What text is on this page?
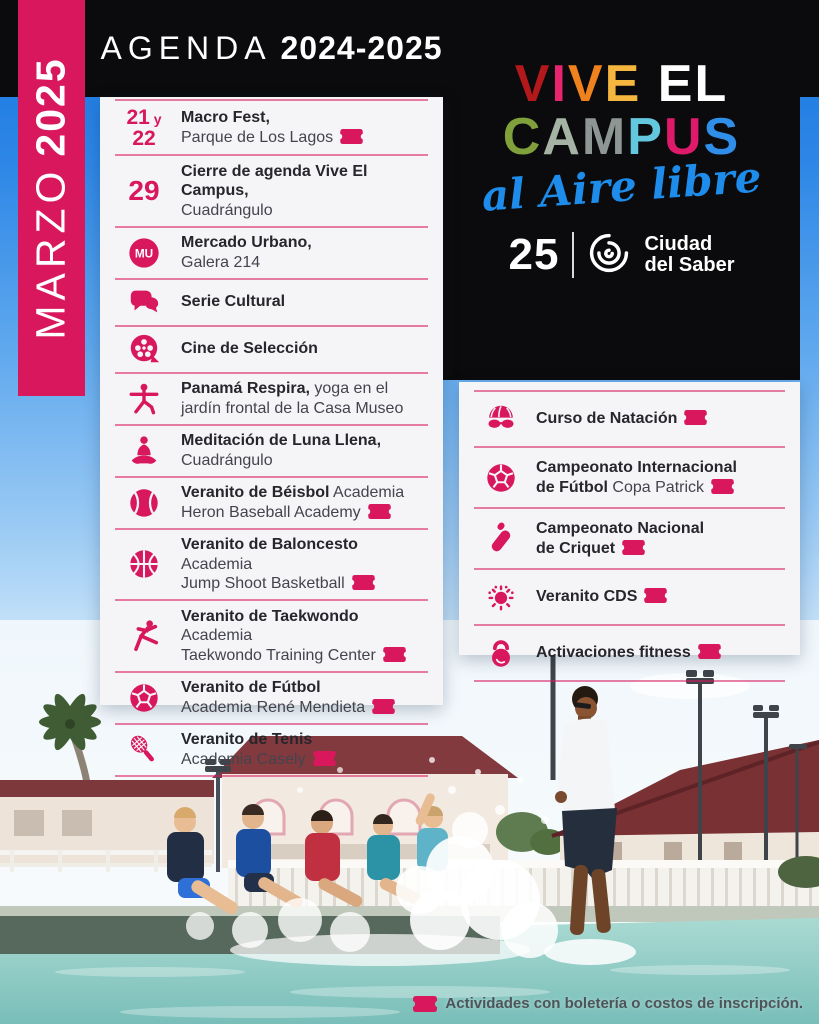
MARZO2025
AGENDA 2024-2025
VIVE EL
CAMPUS
al Aire libre
25	Ciudad
del Saber
21 y
22
Macro Fest,
Parque de Los Lagos
29
Cierre de agenda Vive El Campus,
Cuadrángulo
MU
Mercado Urbano,
Galera 214
Serie Cultural
Cine de Selección
Panamá Respira, yoga en el
jardín frontal de la Casa Museo
Meditación de Luna Llena,
Cuadrángulo
Veranito de Béisbol Academia
Heron Baseball Academy
Veranito de Baloncesto Academia
Jump Shoot Basketball
Veranito de Taekwondo Academia
Taekwondo Training Center
Veranito de Fútbol
Academia René Mendieta
Veranito de Tenis
Academia Casely
Curso de Natación
Campeonato Internacional
de Fútbol Copa Patrick
Campeonato Nacional
de Criquet
Veranito CDS
Activaciones fitness
Actividades con boletería o costos de inscripción.
